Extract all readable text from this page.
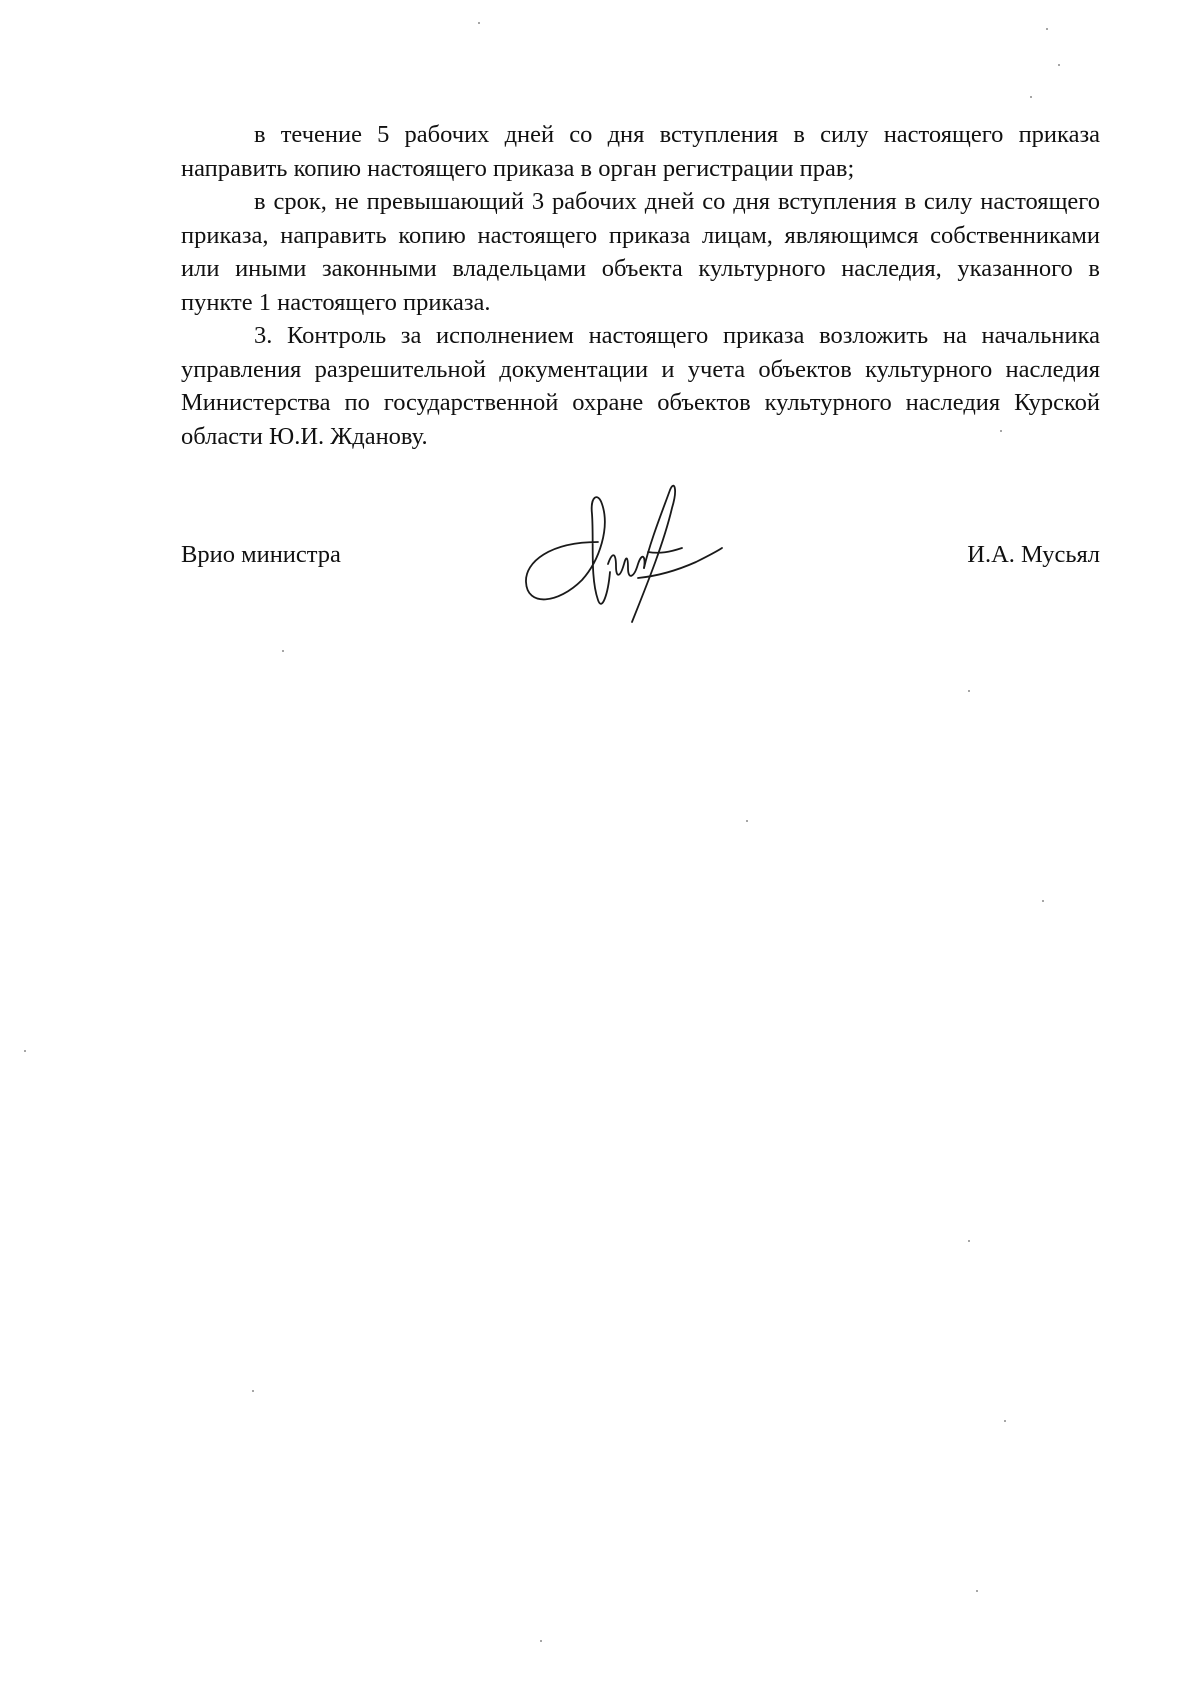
в течение 5 рабочих дней со дня вступления в силу настоящего приказа направить копию настоящего приказа в орган регистрации прав;

в срок, не превышающий 3 рабочих дней со дня вступления в силу настоящего приказа, направить копию настоящего приказа лицам, являющимся собственниками или иными законными владельцами объекта культурного наследия, указанного в пункте 1 настоящего приказа.

3. Контроль за исполнением настоящего приказа возложить на начальника управления разрешительной документации и учета объектов культурного наследия Министерства по государственной охране объектов культурного наследия Курской области Ю.И. Жданову.

Врио министра	И.А. Мусьял
